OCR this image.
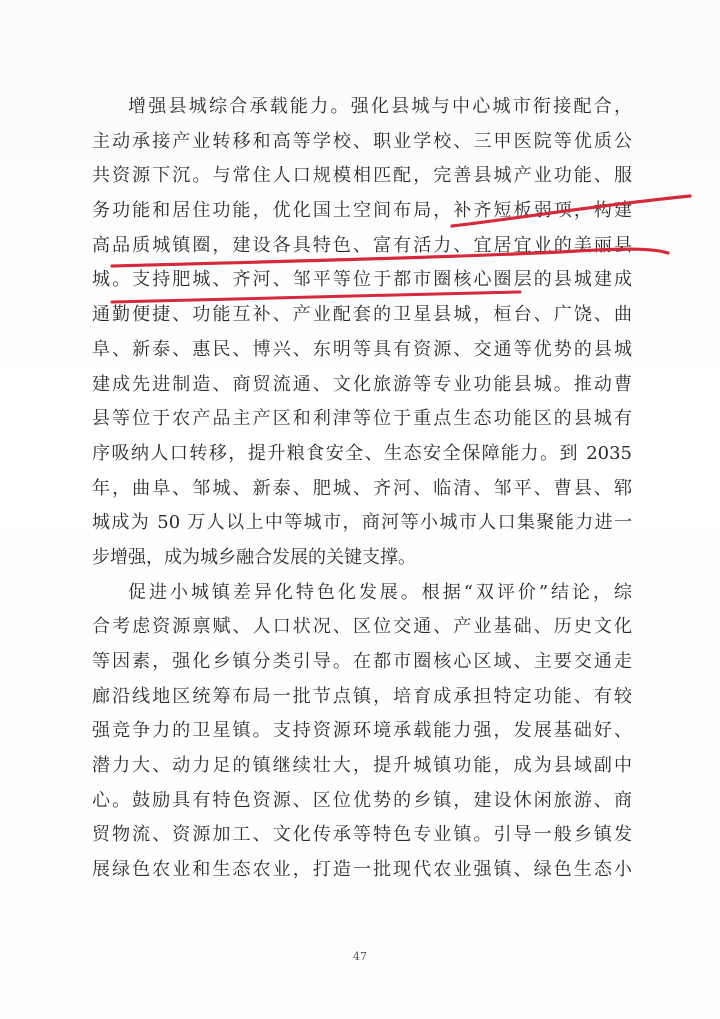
增强县城综合承载能力。强化县城与中心城市衔接配合，
主动承接产业转移和高等学校、职业学校、三甲医院等优质公
共资源下沉。与常住人口规模相匹配，完善县城产业功能、服
务功能和居住功能，优化国土空间布局，补齐短板弱项，构建
高品质城镇圈，建设各具特色、富有活力、宜居宜业的美丽县
城。支持肥城、齐河、邹平等位于都市圈核心圈层的县城建成
通勤便捷、功能互补、产业配套的卫星县城，桓台、广饶、曲
阜、新泰、惠民、博兴、东明等具有资源、交通等优势的县城
建成先进制造、商贸流通、文化旅游等专业功能县城。推动曹
县等位于农产品主产区和利津等位于重点生态功能区的县城有
序吸纳人口转移，提升粮食安全、生态安全保障能力。到 2035
年，曲阜、邹城、新泰、肥城、齐河、临清、邹平、曹县、郓
城成为 50 万人以上中等城市，商河等小城市人口集聚能力进一
步增强，成为城乡融合发展的关键支撑。
促进小城镇差异化特色化发展。根据“双评价”结论，综
合考虑资源禀赋、人口状况、区位交通、产业基础、历史文化
等因素，强化乡镇分类引导。在都市圈核心区域、主要交通走
廊沿线地区统筹布局一批节点镇，培育成承担特定功能、有较
强竞争力的卫星镇。支持资源环境承载能力强，发展基础好、
潜力大、动力足的镇继续壮大，提升城镇功能，成为县域副中
心。鼓励具有特色资源、区位优势的乡镇，建设休闲旅游、商
贸物流、资源加工、文化传承等特色专业镇。引导一般乡镇发
展绿色农业和生态农业，打造一批现代农业强镇、绿色生态小
47
